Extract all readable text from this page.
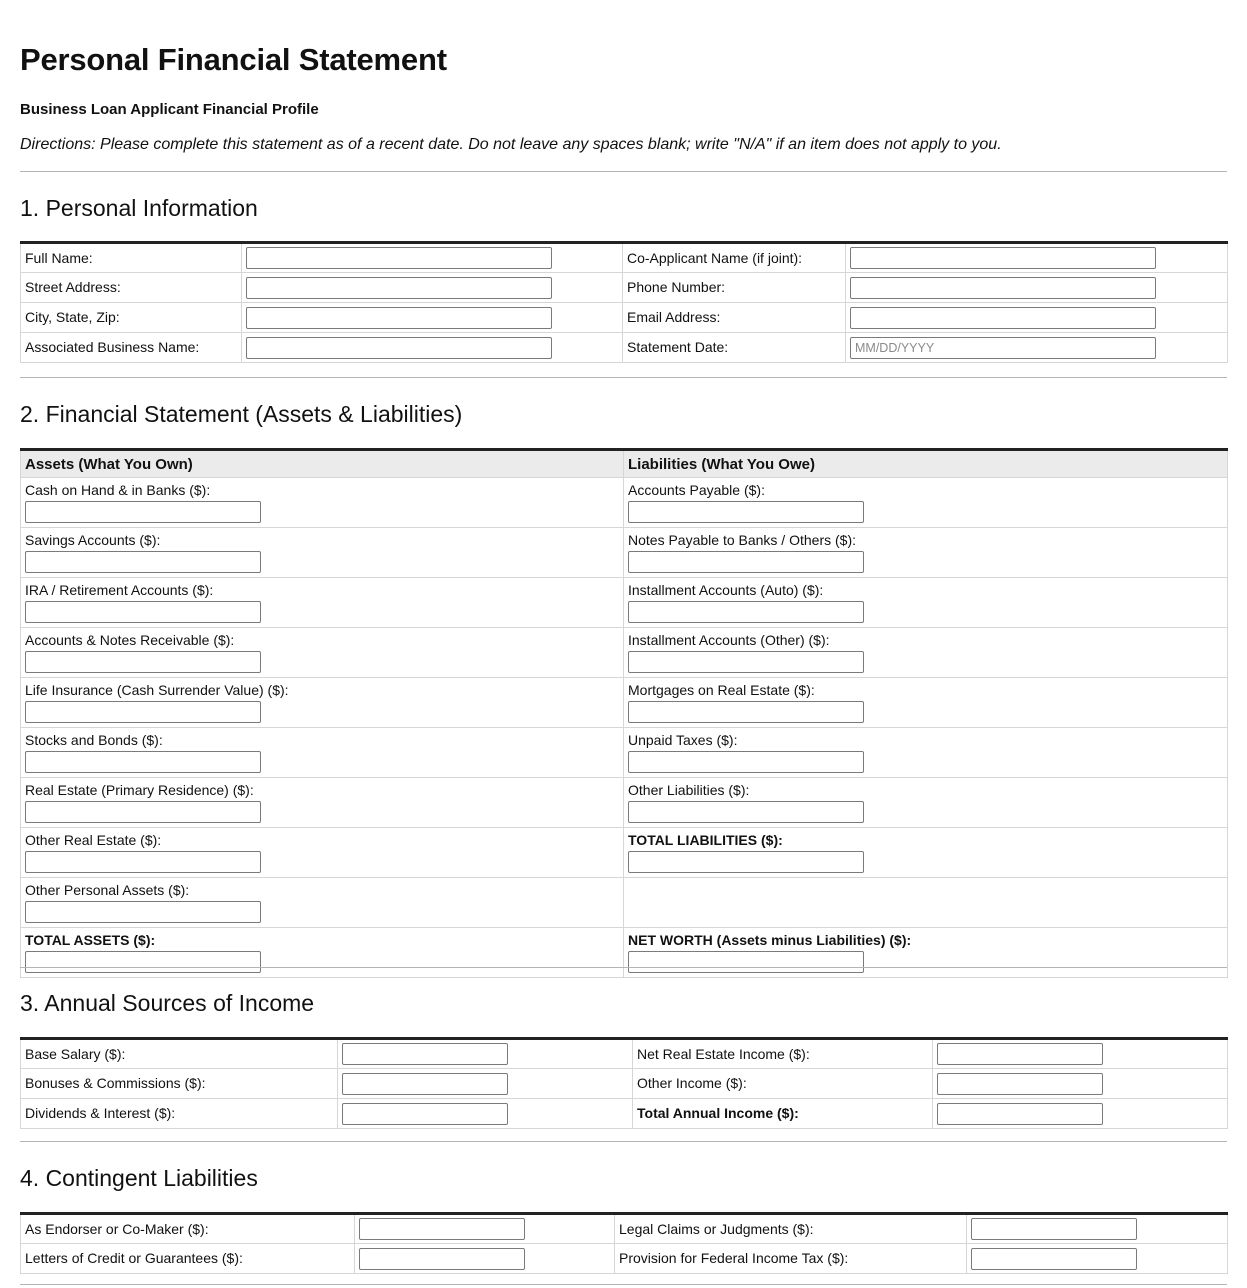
Personal Financial Statement
Business Loan Applicant Financial Profile
Directions: Please complete this statement as of a recent date. Do not leave any spaces blank; write "N/A" if an item does not apply to you.
1. Personal Information
Full Name:		Co-Applicant Name (if joint):	

Street Address:		Phone Number:	

City, State, Zip:		Email Address:	

Associated Business Name:		Statement Date:	
MM/DD/YYYY
2. Financial Statement (Assets & Liabilities)
Assets (What You Own)	Liabilities (What You Owe)

Cash on Hand & in Banks ($):	Accounts Payable ($):

Savings Accounts ($):	Notes Payable to Banks / Others ($):

IRA / Retirement Accounts ($):	Installment Accounts (Auto) ($):

Accounts & Notes Receivable ($):	Installment Accounts (Other) ($):

Life Insurance (Cash Surrender Value) ($):	Mortgages on Real Estate ($):

Stocks and Bonds ($):	Unpaid Taxes ($):

Real Estate (Primary Residence) ($):	Other Liabilities ($):

Other Real Estate ($):	TOTAL LIABILITIES ($):

Other Personal Assets ($):	

TOTAL ASSETS ($):	NET WORTH (Assets minus Liabilities) ($):
3. Annual Sources of Income
Base Salary ($):		Net Real Estate Income ($):	

Bonuses & Commissions ($):		Other Income ($):	

Dividends & Interest ($):		Total Annual Income ($):	
4. Contingent Liabilities
As Endorser or Co-Maker ($):		Legal Claims or Judgments ($):	

Letters of Credit or Guarantees ($):		Provision for Federal Income Tax ($):	
